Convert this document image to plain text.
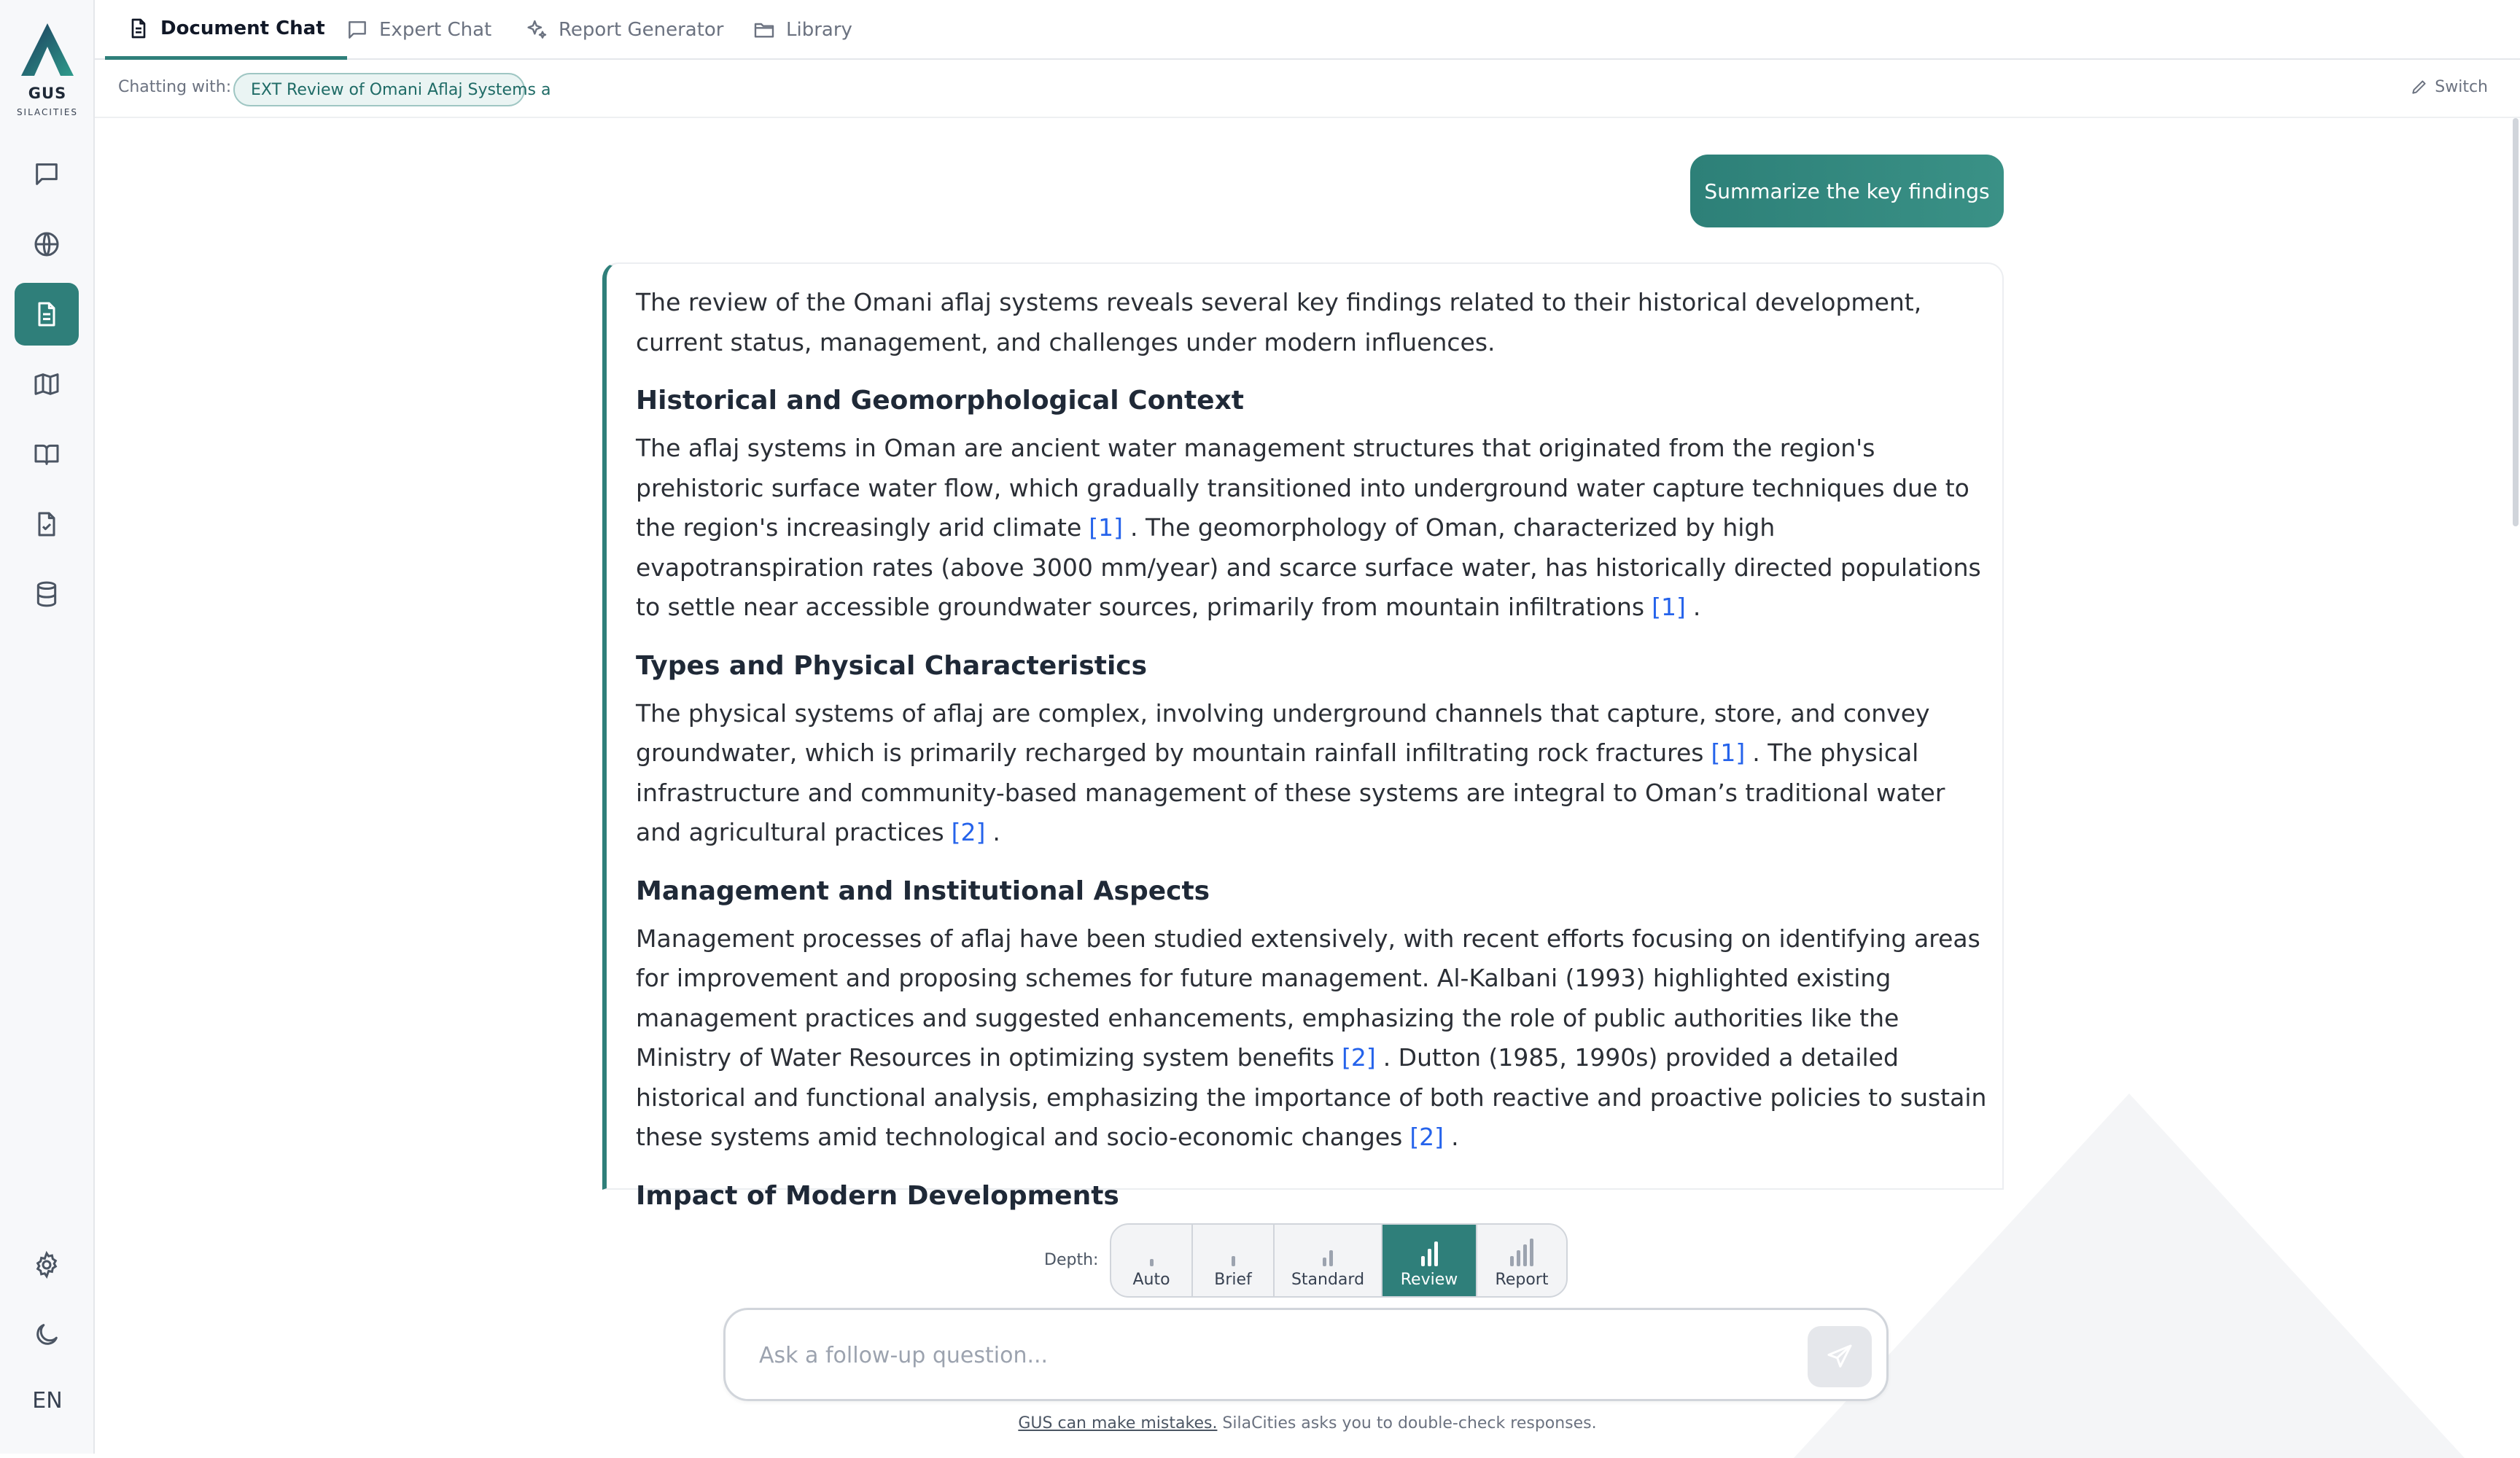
GUS
SILACITIES
EN
Document Chat	Expert Chat	Report Generator	Library
Chatting with:	EXT Review of Omani Aflaj Systems a	Switch
Summarize the key findings

The review of the Omani aflaj systems reveals several key findings related to their historical development, current status, management, and challenges under modern influences.

Historical and Geomorphological Context

The aflaj systems in Oman are ancient water management structures that originated from the region's prehistoric surface water flow, which gradually transitioned into underground water capture techniques due to the region's increasingly arid climate [1] . The geomorphology of Oman, characterized by high evapotranspiration rates (above 3000 mm/year) and scarce surface water, has historically directed populations to settle near accessible groundwater sources, primarily from mountain infiltrations [1] .

Types and Physical Characteristics

The physical systems of aflaj are complex, involving underground channels that capture, store, and convey groundwater, which is primarily recharged by mountain rainfall infiltrating rock fractures [1] . The physical infrastructure and community-based management of these systems are integral to Oman’s traditional water and agricultural practices [2] .

Management and Institutional Aspects

Management processes of aflaj have been studied extensively, with recent efforts focusing on identifying areas for improvement and proposing schemes for future management. Al-Kalbani (1993) highlighted existing management practices and suggested enhancements, emphasizing the role of public authorities like the Ministry of Water Resources in optimizing system benefits [2] . Dutton (1985, 1990s) provided a detailed historical and functional analysis, emphasizing the importance of both reactive and proactive policies to sustain these systems amid technological and socio-economic changes [2] .

Impact of Modern Developments
Depth:
Auto	Brief Standard Review Report
Ask a follow-up question...
GUS can make mistakes. SilaCities asks you to double-check responses.
